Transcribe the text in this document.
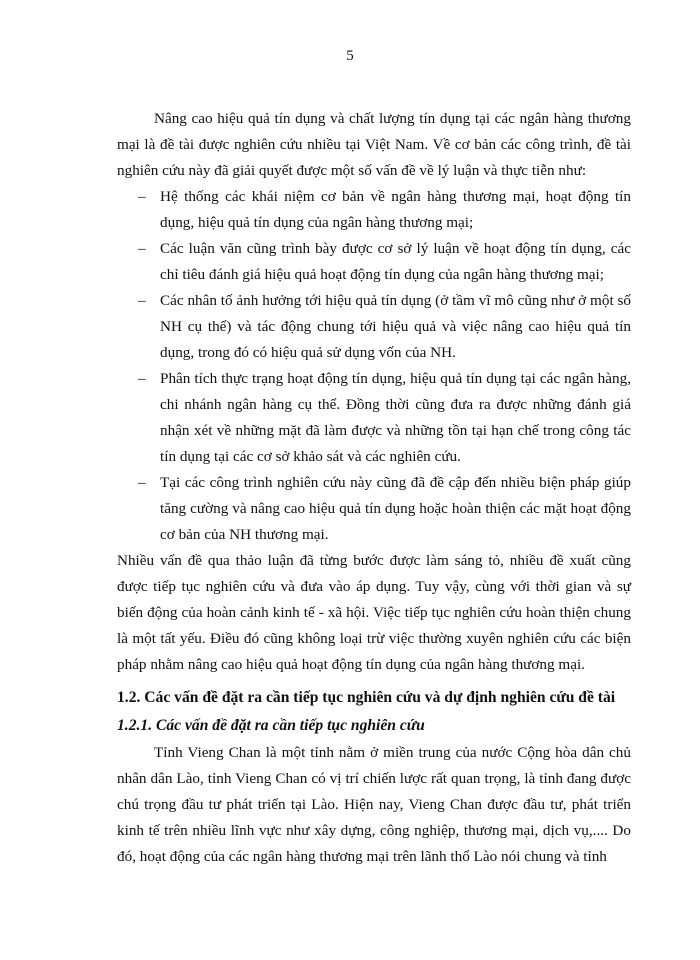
5

Nâng cao hiệu quả tín dụng và chất lượng tín dụng tại các ngân hàng thương mại là đề tài được nghiên cứu nhiều tại Việt Nam. Về cơ bản các công trình, đề tài nghiên cứu này đã giải quyết được một số vấn đề về lý luận và thực tiễn như:

– Hệ thống các khái niệm cơ bản về ngân hàng thương mại, hoạt động tín dụng, hiệu quả tín dụng của ngân hàng thương mại;
– Các luận văn cũng trình bày được cơ sở lý luận về hoạt động tín dụng, các chỉ tiêu đánh giá hiệu quả hoạt động tín dụng của ngân hàng thương mại;
– Các nhân tố ảnh hưởng tới hiệu quả tín dụng (ở tầm vĩ mô cũng như ở một số NH cụ thể) và tác động chung tới hiệu quả và việc nâng cao hiệu quả tín dụng, trong đó có hiệu quả sử dụng vốn của NH.
– Phân tích thực trạng hoạt động tín dụng, hiệu quả tín dụng tại các ngân hàng, chi nhánh ngân hàng cụ thể. Đồng thời cũng đưa ra được những đánh giá nhận xét về những mặt đã làm được và những tồn tại hạn chế trong công tác tín dụng tại các cơ sở khảo sát và các nghiên cứu.
– Tại các công trình nghiên cứu này cũng đã đề cập đến nhiều biện pháp giúp tăng cường và nâng cao hiệu quả tín dụng hoặc hoàn thiện các mặt hoạt động cơ bản của NH thương mại.

Nhiều vấn đề qua thảo luận đã từng bước được làm sáng tỏ, nhiều đề xuất cũng được tiếp tục nghiên cứu và đưa vào áp dụng. Tuy vậy, cùng với thời gian và sự biến động của hoàn cảnh kinh tế - xã hội. Việc tiếp tục nghiên cứu hoàn thiện chung là một tất yếu. Điều đó cũng không loại trừ việc thường xuyên nghiên cứu các biện pháp nhằm nâng cao hiệu quả hoạt động tín dụng của ngân hàng thương mại.

1.2. Các vấn đề đặt ra cần tiếp tục nghiên cứu và dự định nghiên cứu đề tài
1.2.1. Các vấn đề đặt ra cần tiếp tục nghiên cứu

Tỉnh Vieng Chan là một tỉnh nằm ở miền trung của nước Cộng hòa dân chủ nhân dân Lào, tỉnh Vieng Chan có vị trí chiến lược rất quan trọng, là tỉnh đang được chú trọng đầu tư phát triển tại Lào. Hiện nay, Vieng Chan được đầu tư, phát triển kinh tế trên nhiều lĩnh vực như xây dựng, công nghiệp, thương mại, dịch vụ,.... Do đó, hoạt động của các ngân hàng thương mại trên lãnh thổ Lào nói chung và tỉnh
